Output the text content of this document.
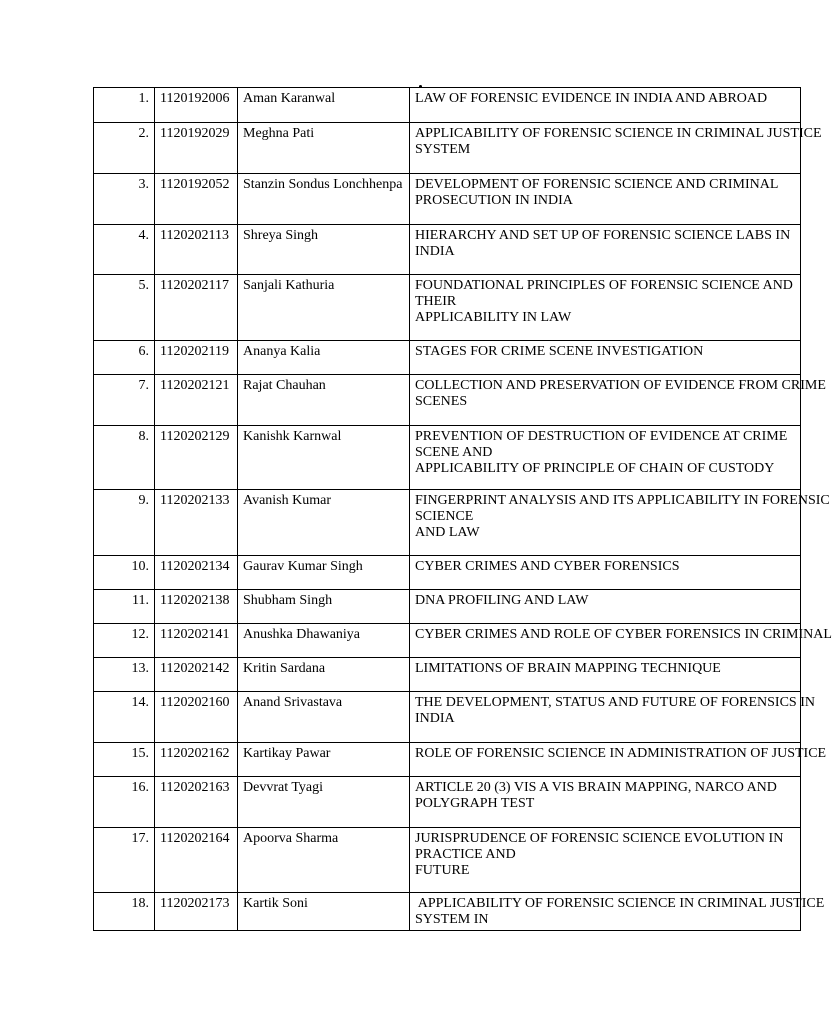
1.	1120192006	Aman Karanwal	LAW OF FORENSIC EVIDENCE IN INDIA AND ABROAD

2.	1120192029	Meghna Pati	APPLICABILITY OF FORENSIC SCIENCE IN CRIMINAL JUSTICE
SYSTEM

3.	1120192052	Stanzin Sondus Lonchhenpa	DEVELOPMENT OF FORENSIC SCIENCE AND CRIMINAL
PROSECUTION IN INDIA

4.	1120202113	Shreya Singh	HIERARCHY AND SET UP OF FORENSIC SCIENCE LABS IN
INDIA

5.	1120202117	Sanjali Kathuria	FOUNDATIONAL PRINCIPLES OF FORENSIC SCIENCE AND
THEIR
APPLICABILITY IN LAW

6.	1120202119	Ananya Kalia	STAGES FOR CRIME SCENE INVESTIGATION

7.	1120202121	Rajat Chauhan	COLLECTION AND PRESERVATION OF EVIDENCE FROM CRIME
SCENES

8.	1120202129	Kanishk Karnwal	PREVENTION OF DESTRUCTION OF EVIDENCE AT CRIME
SCENE AND
APPLICABILITY OF PRINCIPLE OF CHAIN OF CUSTODY

9.	1120202133	Avanish Kumar	FINGERPRINT ANALYSIS AND ITS APPLICABILITY IN FORENSIC
SCIENCE
AND LAW

10.	1120202134	Gaurav Kumar Singh	CYBER CRIMES AND CYBER FORENSICS

11.	1120202138	Shubham Singh	DNA PROFILING AND LAW

12.	1120202141	Anushka Dhawaniya	CYBER CRIMES AND ROLE OF CYBER FORENSICS IN CRIMINAL

13.	1120202142	Kritin Sardana	LIMITATIONS OF BRAIN MAPPING TECHNIQUE

14.	1120202160	Anand Srivastava	THE DEVELOPMENT, STATUS AND FUTURE OF FORENSICS IN
INDIA

15.	1120202162	Kartikay Pawar	ROLE OF FORENSIC SCIENCE IN ADMINISTRATION OF JUSTICE

16.	1120202163	Devvrat Tyagi	ARTICLE 20 (3) VIS A VIS BRAIN MAPPING, NARCO AND
POLYGRAPH TEST

17.	1120202164	Apoorva Sharma	JURISPRUDENCE OF FORENSIC SCIENCE EVOLUTION IN
PRACTICE AND
FUTURE

18.	1120202173	Kartik Soni	APPLICABILITY OF FORENSIC SCIENCE IN CRIMINAL JUSTICE
SYSTEM IN
